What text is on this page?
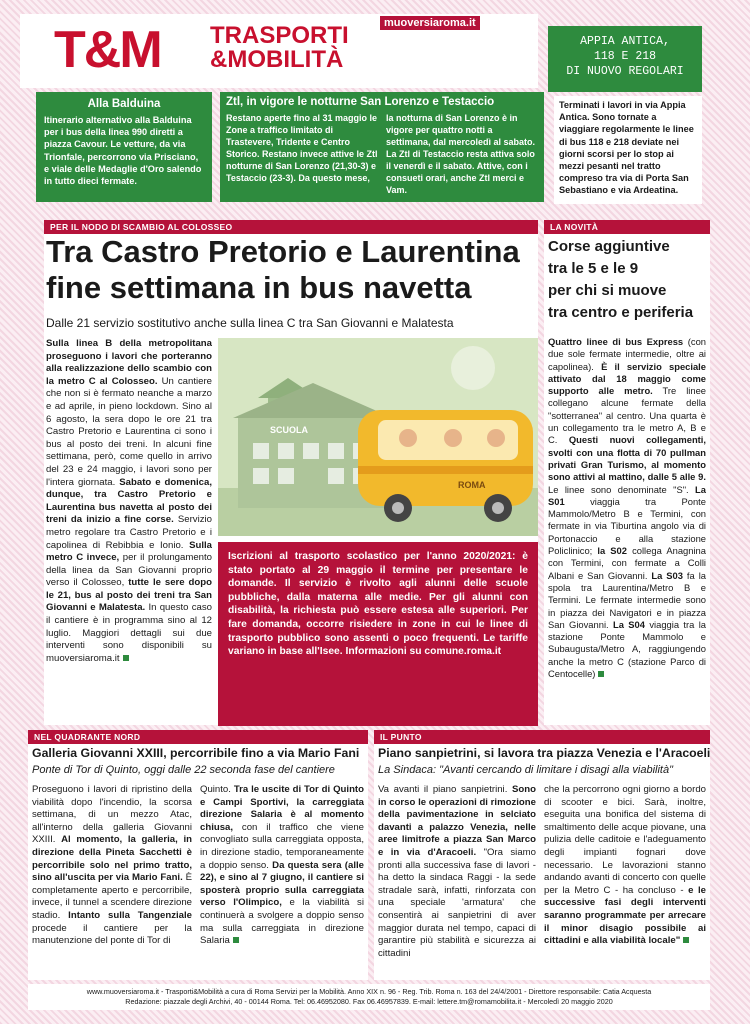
T&M TRASPORTI
&MOBILITÀ
muoversiaroma.it
APPIA ANTICA,
118 E 218
DI NUOVO REGOLARI
Terminati i lavori in via Appia Antica. Sono tornate a viaggiare regolarmente le linee di bus 118 e 218 deviate nei giorni scorsi per lo stop ai mezzi pesanti nel tratto compreso tra via di Porta San Sebastiano e via Ardeatina.
Alla Balduina
Itinerario alternativo alla Balduina per i bus della linea 990 diretti a piazza Cavour. Le vetture, da via Trionfale, percorrono via Prisciano, e viale delle Medaglie d'Oro salendo in tutto dieci fermate.
Ztl, in vigore le notturne San Lorenzo e Testaccio
Restano aperte fino al 31 maggio le Zone a traffico limitato di Trastevere, Tridente e Centro Storico. Restano invece attive le Ztl notturne di San Lorenzo (21,30-3) e Testaccio (23-3). Da questo mese,
la notturna di San Lorenzo è in vigore per quattro notti a settimana, dal mercoledì al sabato. La Ztl di Testaccio resta attiva solo il venerdì e il sabato. Attive, con i consueti orari, anche Ztl merci e Vam.
PER IL NODO DI SCAMBIO AL COLOSSEO
Tra Castro Pretorio e Laurentina
fine settimana in bus navetta
Dalle 21 servizio sostitutivo anche sulla linea C tra San Giovanni e Malatesta

Sulla linea B della metropolitana proseguono i lavori che porteranno alla realizzazione dello scambio con la metro C al Colosseo. Un cantiere che non si è fermato neanche a marzo e ad aprile, in pieno lockdown. Sino al 6 agosto, la sera dopo le ore 21 tra Castro Pretorio e Laurentina ci sono i bus al posto dei treni. In alcuni fine settimana, però, come quello in arrivo del 23 e 24 maggio, i lavori sono per l'intera giornata. Sabato e domenica, dunque, tra Castro Pretorio e Laurentina bus navetta al posto dei treni da inizio a fine corse. Servizio metro regolare tra Castro Pretorio e i capolinea di Rebibbia e Ionio. Sulla metro C invece, per il prolungamento della linea da San Giovanni proprio verso il Colosseo, tutte le sere dopo le 21, bus al posto dei treni tra San Giovanni e Malatesta. In questo caso il cantiere è in programma sino al 12 luglio. Maggiori dettagli sui due interventi sono disponibili su muoversiaroma.it

SCUOLA
ROMA
Iscrizioni al trasporto scolastico per l'anno 2020/2021: è stato portato al 29 maggio il termine per presentare le domande. Il servizio è rivolto agli alunni delle scuole pubbliche, dalla materna alle medie. Per gli alunni con disabilità, la richiesta può essere estesa alle superiori. Per fare domanda, occorre risiedere in zone in cui le linee di trasporto pubblico sono assenti o poco frequenti. Le tariffe variano in base all'Isee. Informazioni su comune.roma.it
LA NOVITÀ
Corse aggiuntive
tra le 5 e le 9
per chi si muove
tra centro e periferia

Quattro linee di bus Express (con due sole fermate intermedie, oltre ai capolinea). È il servizio speciale attivato dal 18 maggio come supporto alle metro. Tre linee collegano alcune fermate della "sotterranea" al centro. Una quarta è un collegamento tra le metro A, B e C. Questi nuovi collegamenti, svolti con una flotta di 70 pullman privati Gran Turismo, al momento sono attivi al mattino, dalle 5 alle 9. Le linee sono denominate "S". La S01 viaggia tra Ponte Mammolo/Metro B e Termini, con fermate in via Tiburtina angolo via di Portonaccio e alla stazione Policlinico; la S02 collega Anagnina con Termini, con fermate a Colli Albani e San Giovanni. La S03 fa la spola tra Laurentina/Metro B e Termini. Le fermate intermedie sono in piazza dei Navigatori e in piazza San Giovanni. La S04 viaggia tra la stazione Ponte Mammolo e Subaugusta/Metro A, raggiungendo anche la metro C (stazione Parco di Centocelle)

NEL QUADRANTE NORD
Galleria Giovanni XXIII, percorribile fino a via Mario Fani
Ponte di Tor di Quinto, oggi dalle 22 seconda fase del cantiere

Proseguono i lavori di ripristino della viabilità dopo l'incendio, la scorsa settimana, di un mezzo Atac, all'interno della galleria Giovanni XXIII. Al momento, la galleria, in direzione della Pineta Sacchetti è percorribile solo nel primo tratto, sino all'uscita per via Mario Fani. È completamente aperto e percorribile, invece, il tunnel a scendere direzione stadio. Intanto sulla Tangenziale procede il cantiere per la manutenzione del ponte di Tor di

Quinto. Tra le uscite di Tor di Quinto e Campi Sportivi, la carreggiata direzione Salaria è al momento chiusa, con il traffico che viene convogliato sulla carreggiata opposta, in direzione stadio, temporaneamente a doppio senso. Da questa sera (alle 22), e sino al 7 giugno, il cantiere si sposterà proprio sulla carreggiata verso l'Olimpico, e la viabilità si continuerà a svolgere a doppio senso ma sulla carreggiata in direzione Salaria

IL PUNTO
Piano sanpietrini, si lavora tra piazza Venezia e l'Aracoeli
La Sindaca: "Avanti cercando di limitare i disagi alla viabilità"

Va avanti il piano sanpietrini. Sono in corso le operazioni di rimozione della pavimentazione in selciato davanti a palazzo Venezia, nelle aree limitrofe a piazza San Marco e in via d'Aracoeli. "Ora siamo pronti alla successiva fase di lavori - ha detto la sindaca Raggi - la sede stradale sarà, infatti, rinforzata con una speciale 'armatura' che consentirà ai sanpietrini di aver maggior durata nel tempo, capaci di garantire più stabilità e sicurezza ai cittadini

che la percorrono ogni giorno a bordo di scooter e bici. Sarà, inoltre, eseguita una bonifica del sistema di smaltimento delle acque piovane, una pulizia delle caditoie e l'adeguamento degli impianti fognari dove necessario. Le lavorazioni stanno andando avanti di concerto con quelle per la Metro C - ha concluso - e le successive fasi degli interventi saranno programmate per arrecare il minor disagio possibile ai cittadini e alla viabilità locale"

www.muoversiaroma.it - Trasporti&Mobilità a cura di Roma Servizi per la Mobilità. Anno XIX n. 96 - Reg. Trib. Roma n. 163 del 24/4/2001 - Direttore responsabile: Catia Acquesta
Redazione: piazzale degli Archivi, 40 - 00144 Roma. Tel: 06.46952080. Fax 06.46957839. E-mail: lettere.tm@romamobilita.it - Mercoledì 20 maggio 2020
